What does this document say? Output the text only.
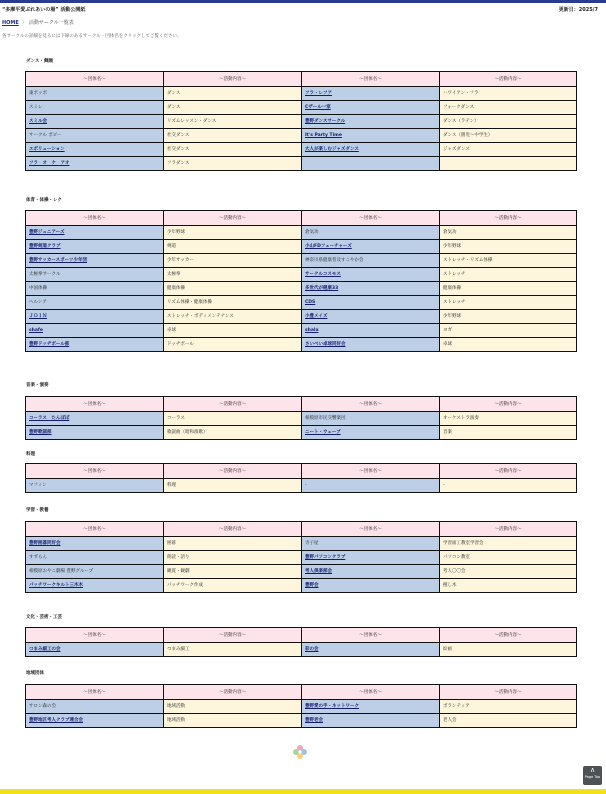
“多摩平愛ぷれあいの場” 活動公開紙	更新日：2025/7
HOME 〉 活動サークル一覧表
各サークルの詳細を見るには下線のあるサークル・団体名をクリックしてご覧ください。
ダンス・舞踊
～団体名～	～活動内容～	～団体名～	～活動内容～
東ポッポ	ダンス	フラ・レフア	ハワイアン・フラ
スミレ	ダンス	Cザール一家	フォークダンス
スミル会	リズムレッスン・ダンス	豊野ダンスサークル	ダンス（ラテン）
サークル ポピー	社交ダンス	It's Party Time	ダンス（園児～中学生）
エボリューション	社交ダンス	大人が楽しむジャズダンス	ジャズダンス
フラ　オ　ケ　アオ	フラダンス		
体育・体操・レク
～団体名～	～活動内容～	～団体名～	～活動内容～
豊野ジュニアーズ	少年野球	倉気功	倉気功
豊野剣道クラブ	剣道	小山FDフューチャーズ	少年野球
豊野サッカースポーツ少年団	少年サッカー	神奈川県健康普及すこやか会	ストレッチ・リズム体操
太極拳サークル	太極拳	サークルコスモス	ストレッチ
中国体操	健康体操	多世代が健康33	健康体操
ヘルシア	リズム体操・健康体操	CDS	ストレッチ
ＪＯＩＮ	ストレッチ・ボディメンテナンス	小豊メイズ	少年野球
shafe	卓球	shala	ヨガ
豊野ドッヂボール部	ドッヂボール	さいぺい卓球同好会	卓球
音楽・演奏
～団体名～	～活動内容～	～団体名～	～活動内容～
コーラス　たんぽぽ	コーラス	相模原市民交響楽団	オーケストラ演奏
豊野歌謡部	歌謡曲（昭和演歌）	ニート・ウェーブ	音楽
料理
～団体名～	～活動内容～	～団体名～	～活動内容～
マフィン	料理	-	-
学習・教養
～団体名～	～活動内容～	～団体名～	～活動内容～
豊野囲碁同好会	囲碁	寺子屋	学習面工教室学習会
すずらん	朗読・語り	豊野パソコンクラブ	パソコン教室
相模原おやこ劇場 豊野グループ	観賞・観劇	考人倶楽部会	考人〇〇会
パッチワークキルト三木木	パッチワーク作成	豊野会	捜し木
文化・芸術・工芸
～団体名～	～活動内容～	～団体名～	～活動内容～
つまみ細工の会	つまみ細工	彩の会	絵画
地域団体
～団体名～	～活動内容～	～団体名～	～活動内容～
サロン森の会	地域活動	豊野愛の手・ネットワーク	ボランティア
豊野地区考人クラブ連合会	地域活動	豊野老会	老人会
∧
Page Top
